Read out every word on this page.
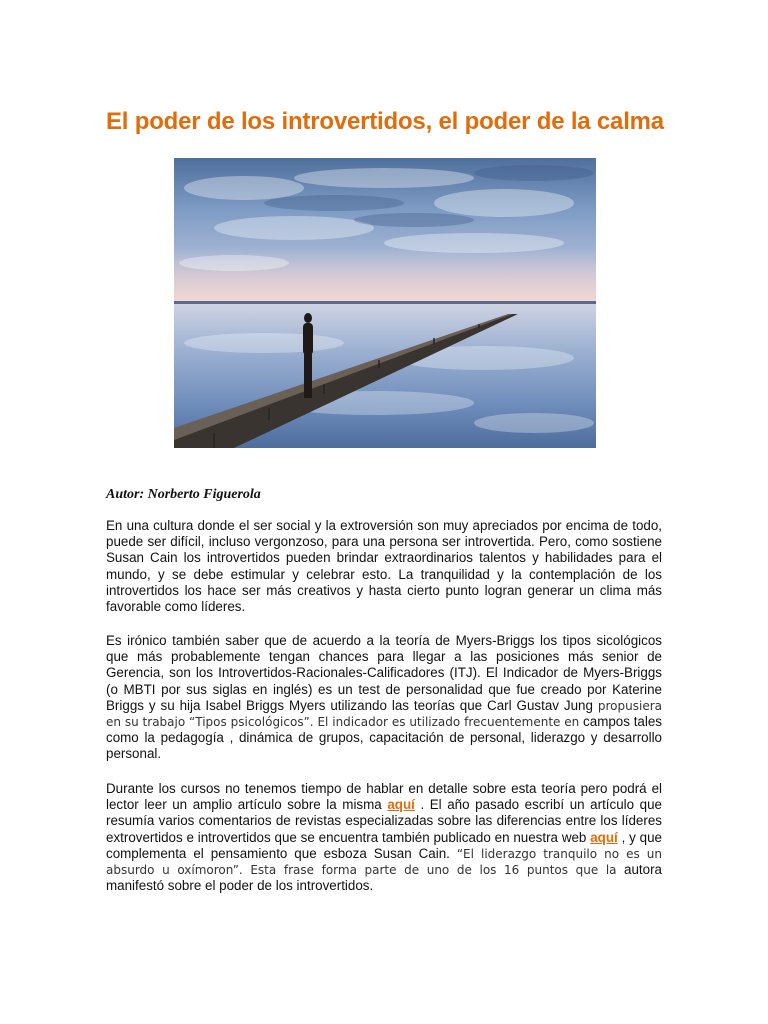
El poder de los introvertidos, el poder de la calma
Autor: Norberto Figuerola

En una cultura donde el ser social y la extroversión son muy apreciados por encima de todo, puede ser difícil, incluso vergonzoso, para una persona ser introvertida. Pero, como sostiene Susan Cain los introvertidos pueden brindar extraordinarios talentos y habilidades para el mundo, y se debe estimular y celebrar esto. La tranquilidad y la contemplación de los introvertidos los hace ser más creativos y hasta cierto punto logran generar un clima más favorable como líderes.

Es irónico también saber que de acuerdo a la teoría de Myers-Briggs los tipos sicológicos que más probablemente tengan chances para llegar a las posiciones más senior de Gerencia, son los Introvertidos-Racionales-Calificadores (ITJ). El Indicador de Myers-Briggs (o MBTI por sus siglas en inglés) es un test de personalidad que fue creado por Katerine Briggs y su hija Isabel Briggs Myers utilizando las teorías que Carl Gustav Jung propusiera en su trabajo “Tipos psicológicos”. El indicador es utilizado frecuentemente en campos tales como la pedagogía , dinámica de grupos, capacitación de personal, liderazgo y desarrollo personal.

Durante los cursos no tenemos tiempo de hablar en detalle sobre esta teoría pero podrá el lector leer un amplio artículo sobre la misma aquí . El año pasado escribí un artículo que resumía varios comentarios de revistas especializadas sobre las diferencias entre los líderes extrovertidos e introvertidos que se encuentra también publicado en nuestra web aquí , y que complementa el pensamiento que esboza Susan Cain. “El liderazgo tranquilo no es un absurdo u oxímoron”. Esta frase forma parte de uno de los 16 puntos que la autora manifestó sobre el poder de los introvertidos.
